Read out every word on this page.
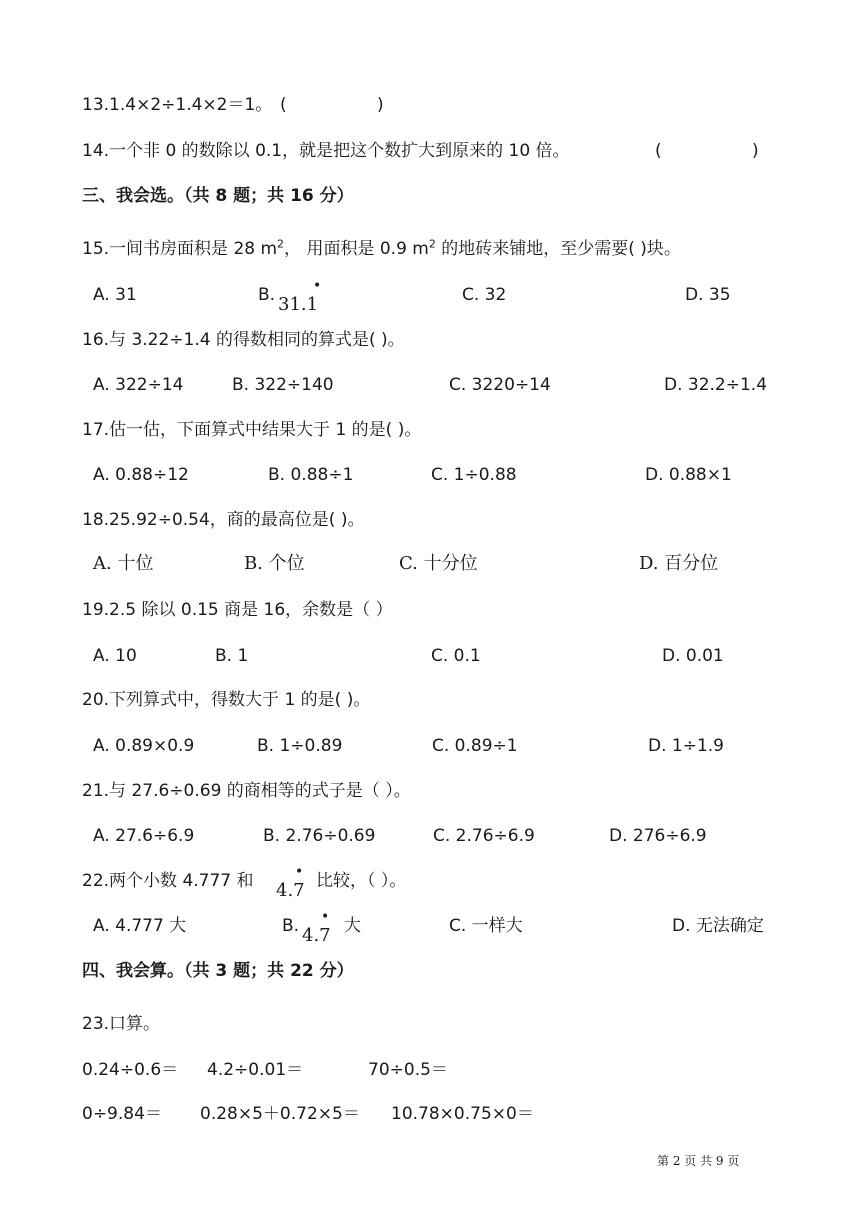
13.1.4×2÷1.4×2＝1。 (	)
14.一个非 0 的数除以 0.1，就是把这个数扩大到原来的 10 倍。	(	)
三、我会选。（共 8 题；共 16 分）
15.一间书房面积是 28 $m^2$， 用面积是 0.9 $m^2$ 的地砖来铺地，至少需要( )块。
A. 31	B.	•
31.1	C. 32	D. 35
16.与 3.22÷1.4 的得数相同的算式是( )。
A. 322÷14	B. 322÷140	C. 3220÷14	D. 32.2÷1.4
17.估一估，下面算式中结果大于 1 的是( )。
A. 0.88÷12	B. 0.88÷1	C. 1÷0.88	D. 0.88×1
18.25.92÷0.54，商的最高位是( )。
A. 十位	B. 个位	C. 十分位	D. 百分位
19.2.5 除以 0.15 商是 16，余数是（ ）
A. 10	B. 1	C. 0.1	D. 0.01
20.下列算式中，得数大于 1 的是( )。
A. 0.89×0.9	B. 1÷0.89	C. 0.89÷1	D. 1÷1.9
21.与 27.6÷0.69 的商相等的式子是（ ）。
A. 27.6÷6.9	B. 2.76÷0.69	C. 2.76÷6.9	D. 276÷6.9
22.两个小数 4.777 和	•
4.7 比较，（ ）。
A. 4.777 大	B. •
4.7 大	C. 一样大	D. 无法确定
四、我会算。（共 3 题；共 22 分）
23.口算。
0.24÷0.6＝ 4.2÷0.01＝	70÷0.5＝
0÷9.84＝ 0.28×5＋0.72×5＝ 10.78×0.75×0＝
第 2 页 共 9 页
